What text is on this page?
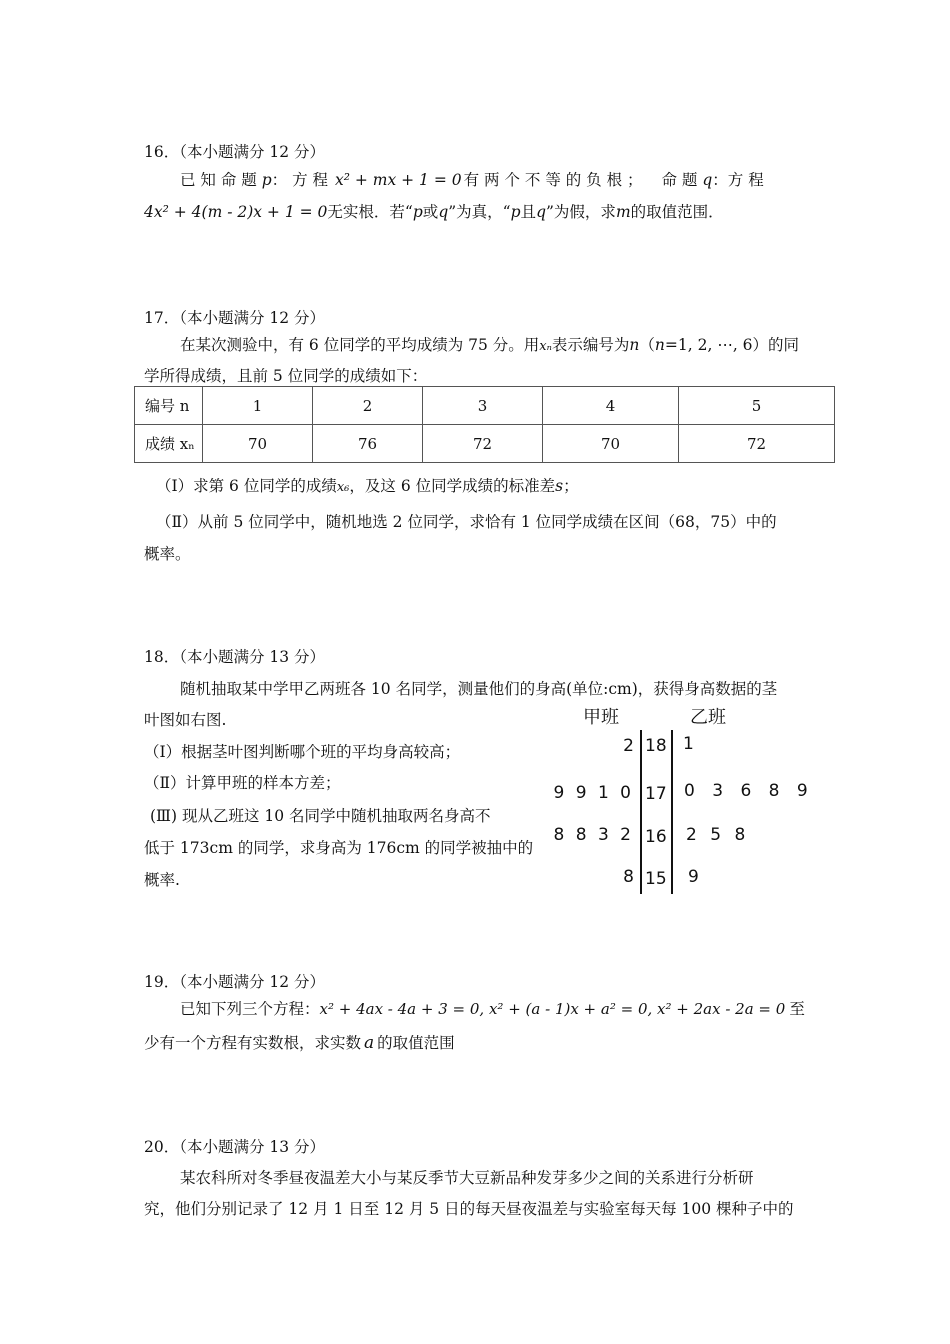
16．（本小题满分 12 分）
已 知 命 题 p： 方 程 x² + mx + 1 = 0 有 两 个 不 等 的 负 根 ； 命 题 q：方 程
4x² + 4(m - 2)x + 1 = 0无实根．若“p或q”为真，“p且q”为假，求m的取值范围．
17．（本小题满分 12 分）
在某次测验中，有 6 位同学的平均成绩为 75 分。用xₙ表示编号为n（n=1, 2, ⋯, 6）的同
学所得成绩，且前 5 位同学的成绩如下：
编号 n	1	2	3	4	5
成绩 xₙ	70	76	72	70	72
（Ⅰ）求第 6 位同学的成绩x₆，及这 6 位同学成绩的标准差s；
（Ⅱ）从前 5 位同学中，随机地选 2 位同学，求恰有 1 位同学成绩在区间（68，75）中的
概率。
18．（本小题满分 13 分）
随机抽取某中学甲乙两班各 10 名同学，测量他们的身高(单位:cm)，获得身高数据的茎
叶图如右图.
（Ⅰ）根据茎叶图判断哪个班的平均身高较高；
（Ⅱ）计算甲班的样本方差；
(Ⅲ) 现从乙班这 10 名同学中随机抽取两名身高不
低于 173cm 的同学，求身高为 176cm 的同学被抽中的
概率.
甲班	乙班
2 18 1
9 9 1 0 17 0 3 6 8 9
8 8 3 2 16 2 5 8
8 15 9
19．（本小题满分 12 分）
已知下列三个方程：x² + 4ax - 4a + 3 = 0, x² + (a - 1)x + a² = 0, x² + 2ax - 2a = 0 至
少有一个方程有实数根，求实数 a 的取值范围
20．（本小题满分 13 分）
某农科所对冬季昼夜温差大小与某反季节大豆新品种发芽多少之间的关系进行分析研
究，他们分别记录了 12 月 1 日至 12 月 5 日的每天昼夜温差与实验室每天每 100 棵种子中的
